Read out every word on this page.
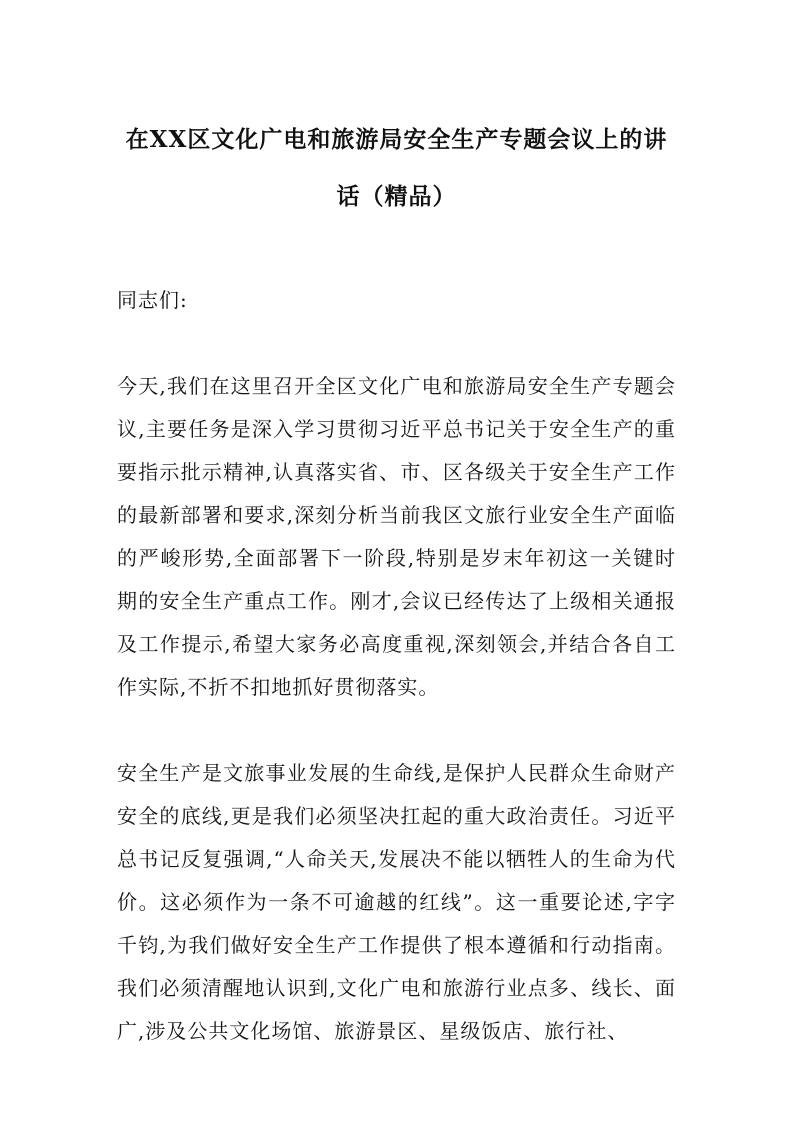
在XX区文化广电和旅游局安全生产专题会议上的讲话（精品）

同志们:

今天,我们在这里召开全区文化广电和旅游局安全生产专题会议,主要任务是深入学习贯彻习近平总书记关于安全生产的重要指示批示精神,认真落实省、市、区各级关于安全生产工作的最新部署和要求,深刻分析当前我区文旅行业安全生产面临的严峻形势,全面部署下一阶段,特别是岁末年初这一关键时期的安全生产重点工作。刚才,会议已经传达了上级相关通报及工作提示,希望大家务必高度重视,深刻领会,并结合各自工作实际,不折不扣地抓好贯彻落实。

安全生产是文旅事业发展的生命线,是保护人民群众生命财产安全的底线,更是我们必须坚决扛起的重大政治责任。习近平总书记反复强调,“人命关天,发展决不能以牺牲人的生命为代价。这必须作为一条不可逾越的红线”。这一重要论述,字字千钧,为我们做好安全生产工作提供了根本遵循和行动指南。我们必须清醒地认识到,文化广电和旅游行业点多、线长、面广,涉及公共文化场馆、旅游景区、星级饭店、旅行社、
